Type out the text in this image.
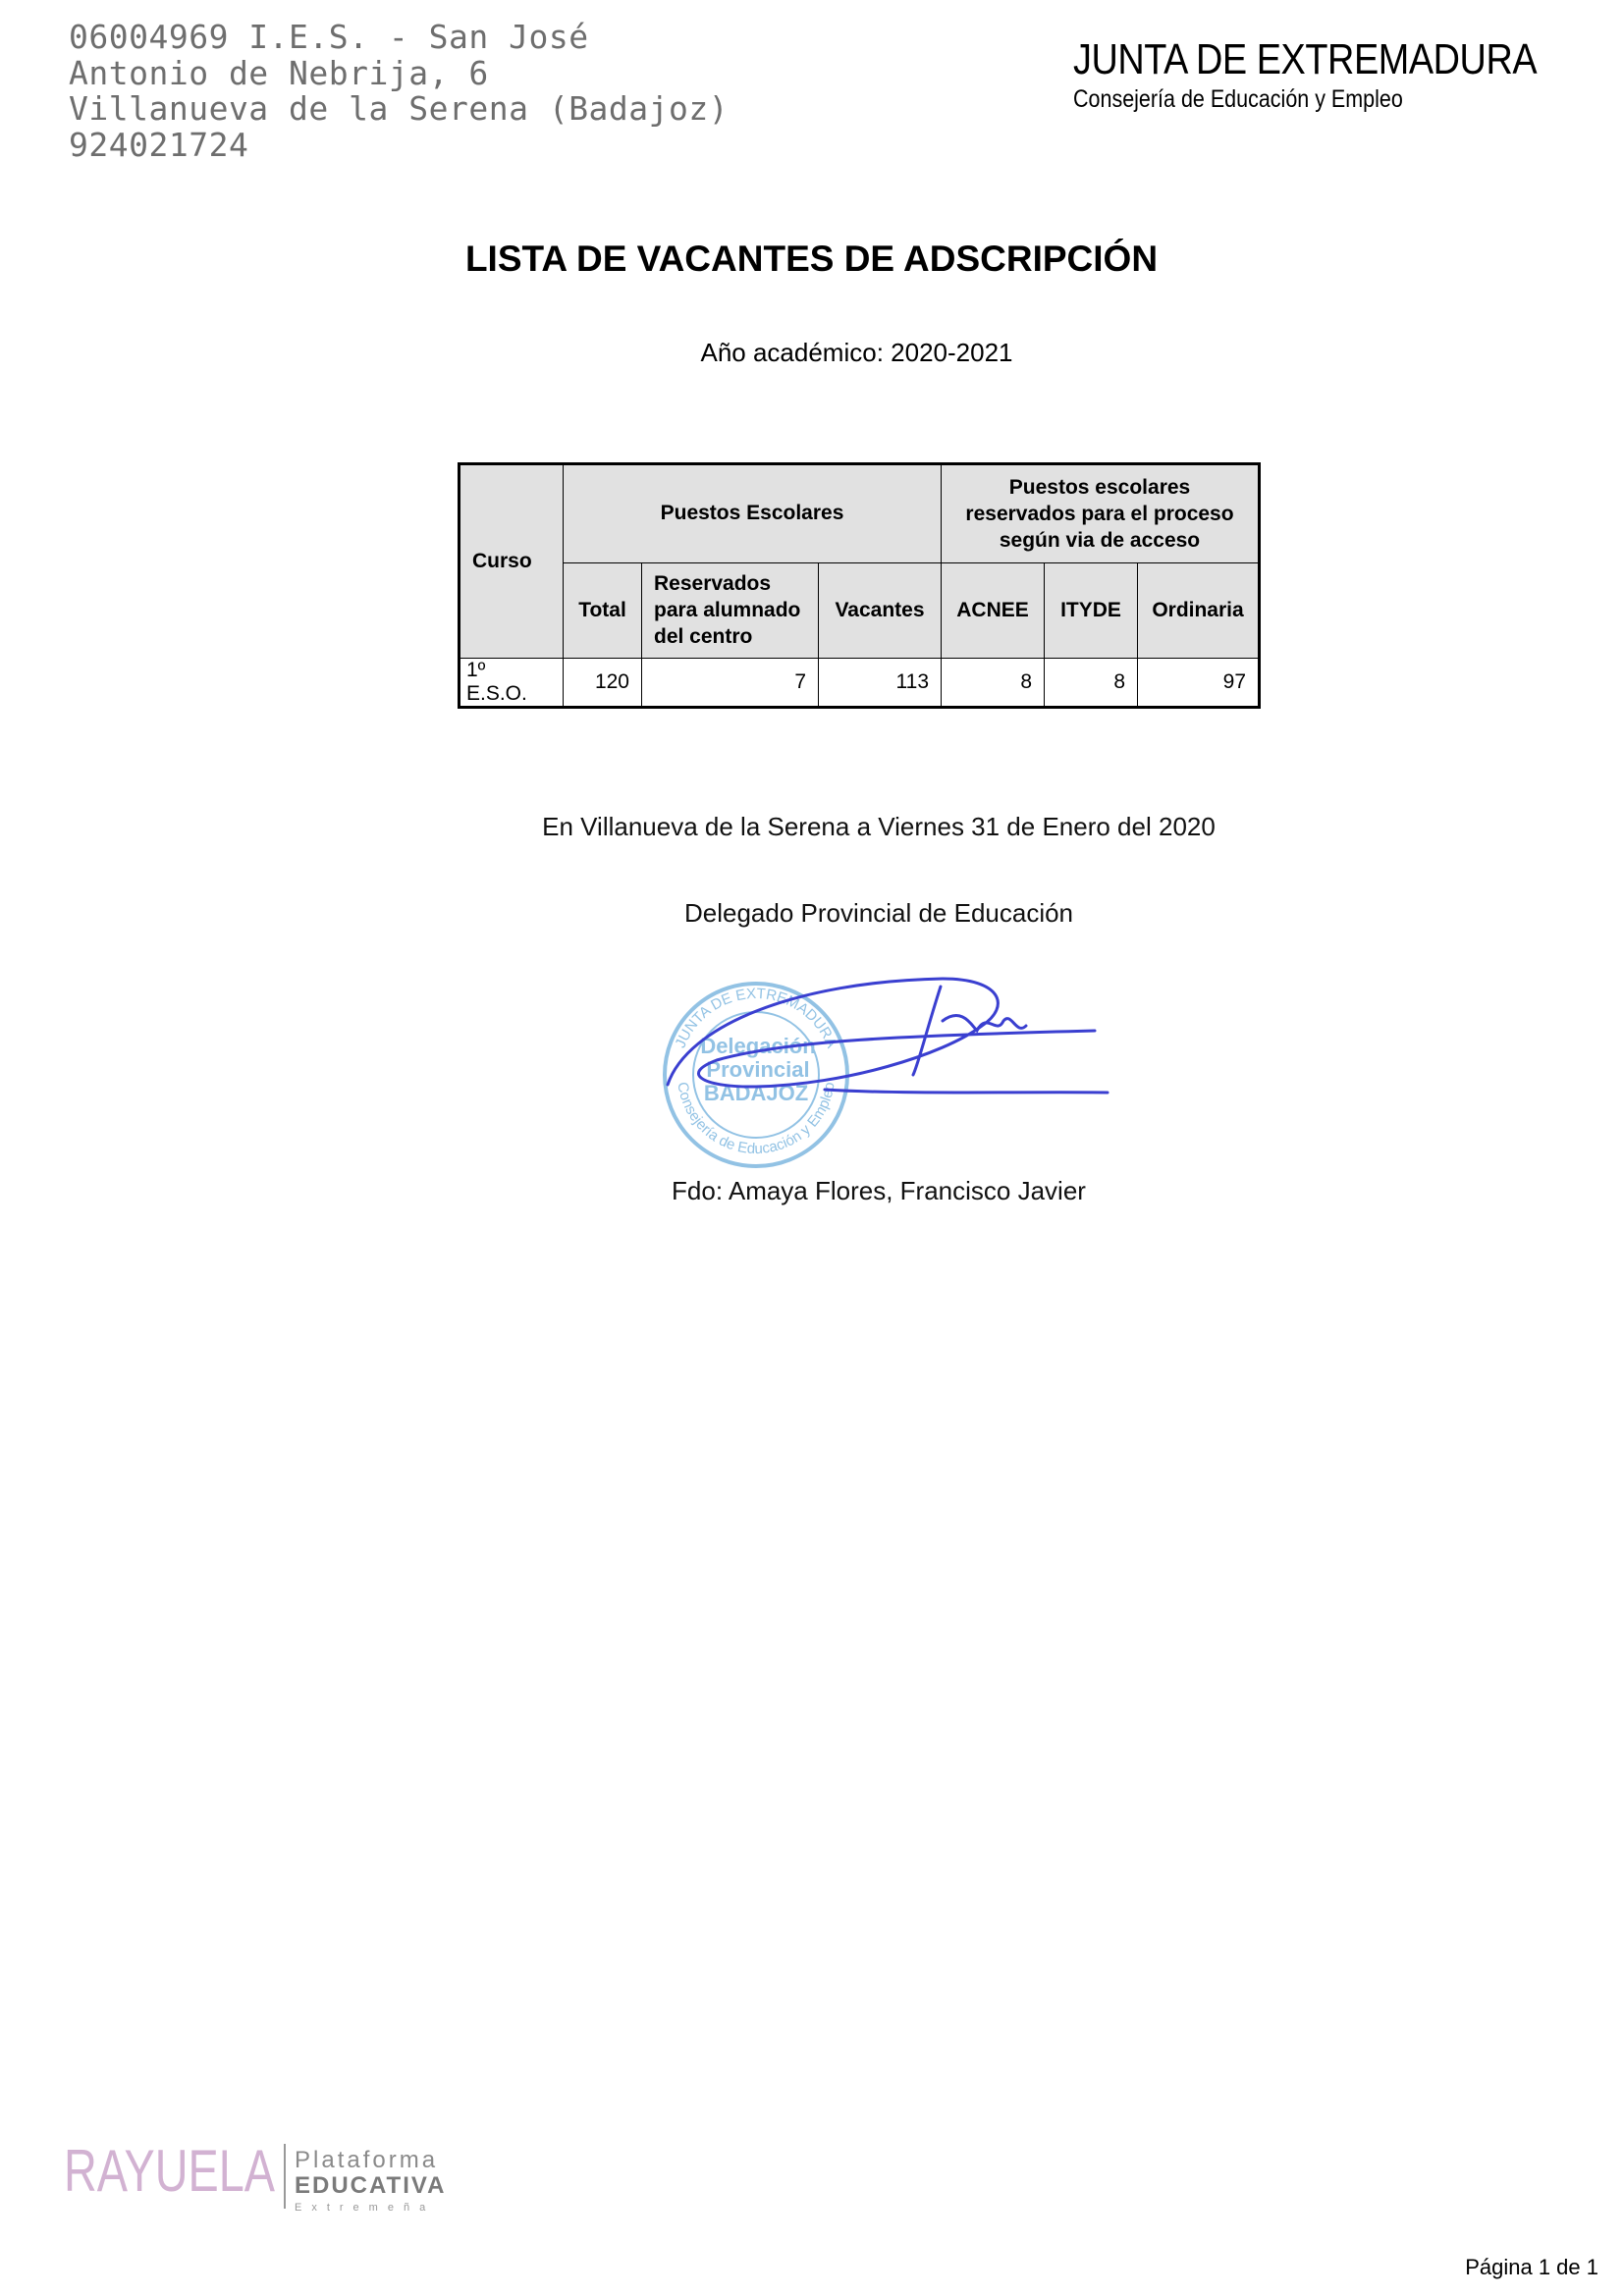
06004969 I.E.S. - San José
Antonio de Nebrija, 6
Villanueva de la Serena (Badajoz)
924021724
JUNTA DE EXTREMADURA
Consejería de Educación y Empleo
LISTA DE VACANTES DE ADSCRIPCIÓN
Año académico: 2020-2021
Curso	Puestos Escolares			Puestos escolares reservados para el proceso según via de acceso		
	Total	Reservados para alumnado del centro	Vacantes	ACNEE	ITYDE	Ordinaria
1º E.S.O.	120	7	113	8	8	97
En Villanueva de la Serena a Viernes 31 de Enero del 2020
Delegado Provincial de Educación
JUNTA DE EXTREMADURA
Consejería de Educación y Empleo
Delegación
Provincial
BADAJOZ
Fdo: Amaya Flores, Francisco Javier
RAYUELA Plataforma
EDUCATIVA
Extremeña
Página 1 de 1
